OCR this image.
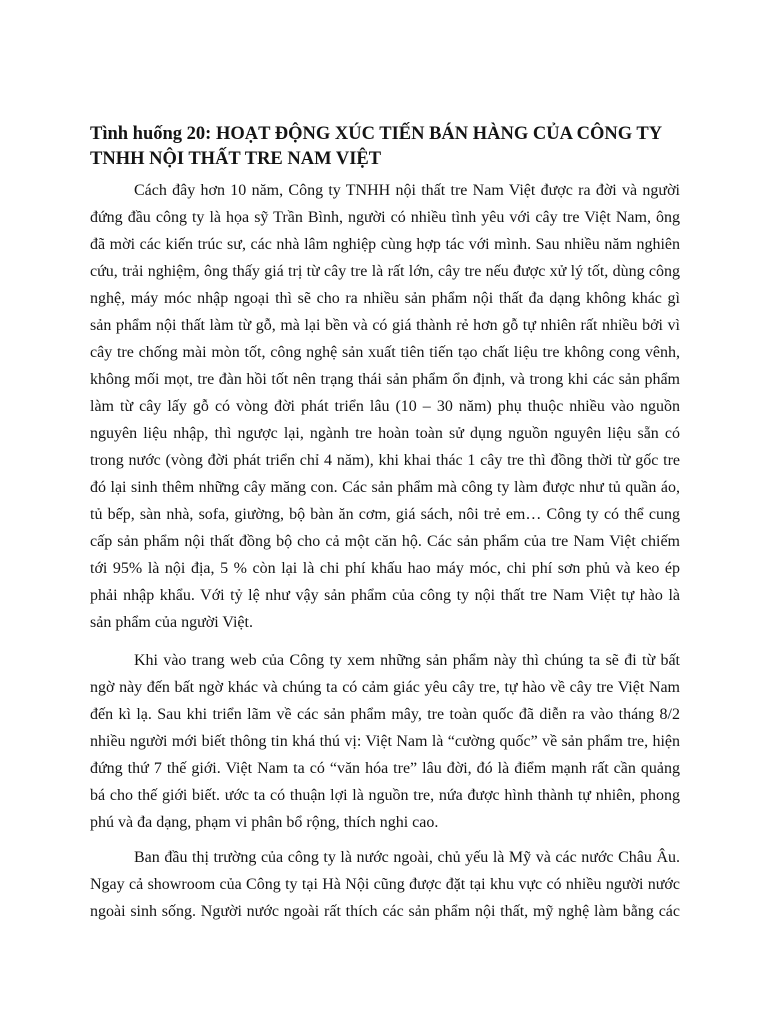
Tình huống 20: HOẠT ĐỘNG XÚC TIẾN BÁN HÀNG CỦA CÔNG TY
TNHH NỘI THẤT TRE NAM VIỆT
Cách đây hơn 10 năm, Công ty TNHH nội thất tre Nam Việt được ra đời và người
đứng đầu công ty là họa sỹ Trần Bình, người có nhiều tình yêu với cây tre Việt Nam, ông
đã mời các kiến trúc sư, các nhà lâm nghiệp cùng hợp tác với mình. Sau nhiều năm nghiên
cứu, trải nghiệm, ông thấy giá trị từ cây tre là rất lớn, cây tre nếu được xử lý tốt, dùng công
nghệ, máy móc nhập ngoại thì sẽ cho ra nhiều sản phẩm nội thất đa dạng không khác gì
sản phẩm nội thất làm từ gỗ, mà lại bền và có giá thành rẻ hơn gỗ tự nhiên rất nhiều bởi vì
cây tre chống mài mòn tốt, công nghệ sản xuất tiên tiến tạo chất liệu tre không cong vênh,
không mối mọt, tre đàn hồi tốt nên trạng thái sản phẩm ổn định, và trong khi các sản phẩm
làm từ cây lấy gỗ có vòng đời phát triển lâu (10 – 30 năm) phụ thuộc nhiều vào nguồn
nguyên liệu nhập, thì ngược lại, ngành tre hoàn toàn sử dụng nguồn nguyên liệu sẵn có
trong nước (vòng đời phát triển chỉ 4 năm), khi khai thác 1 cây tre thì đồng thời từ gốc tre
đó lại sinh thêm những cây măng con. Các sản phẩm mà công ty làm được như tủ quần áo,
tủ bếp, sàn nhà, sofa, giường, bộ bàn ăn cơm, giá sách, nôi trẻ em… Công ty có thể cung
cấp sản phẩm nội thất đồng bộ cho cả một căn hộ. Các sản phẩm của tre Nam Việt chiếm
tới 95% là nội địa, 5 % còn lại là chi phí khấu hao máy móc, chi phí sơn phủ và keo ép
phải nhập khẩu. Với tỷ lệ như vậy sản phẩm của công ty nội thất tre Nam Việt tự hào là
sản phẩm của người Việt.
Khi vào trang web của Công ty xem những sản phẩm này thì chúng ta sẽ đi từ bất
ngờ này đến bất ngờ khác và chúng ta có cảm giác yêu cây tre, tự hào về cây tre Việt Nam
đến kì lạ. Sau khi triển lãm về các sản phẩm mây, tre toàn quốc đã diễn ra vào tháng 8/2
nhiều người mới biết thông tin khá thú vị: Việt Nam là “cường quốc” về sản phẩm tre, hiện
đứng thứ 7 thế giới. Việt Nam ta có “văn hóa tre” lâu đời, đó là điểm mạnh rất cần quảng
bá cho thế giới biết. ước ta có thuận lợi là nguồn tre, nứa được hình thành tự nhiên, phong
phú và đa dạng, phạm vi phân bổ rộng, thích nghi cao.
Ban đầu thị trường của công ty là nước ngoài, chủ yếu là Mỹ và các nước Châu Âu.
Ngay cả showroom của Công ty tại Hà Nội cũng được đặt tại khu vực có nhiều người nước
ngoài sinh sống. Người nước ngoài rất thích các sản phẩm nội thất, mỹ nghệ làm bằng các
